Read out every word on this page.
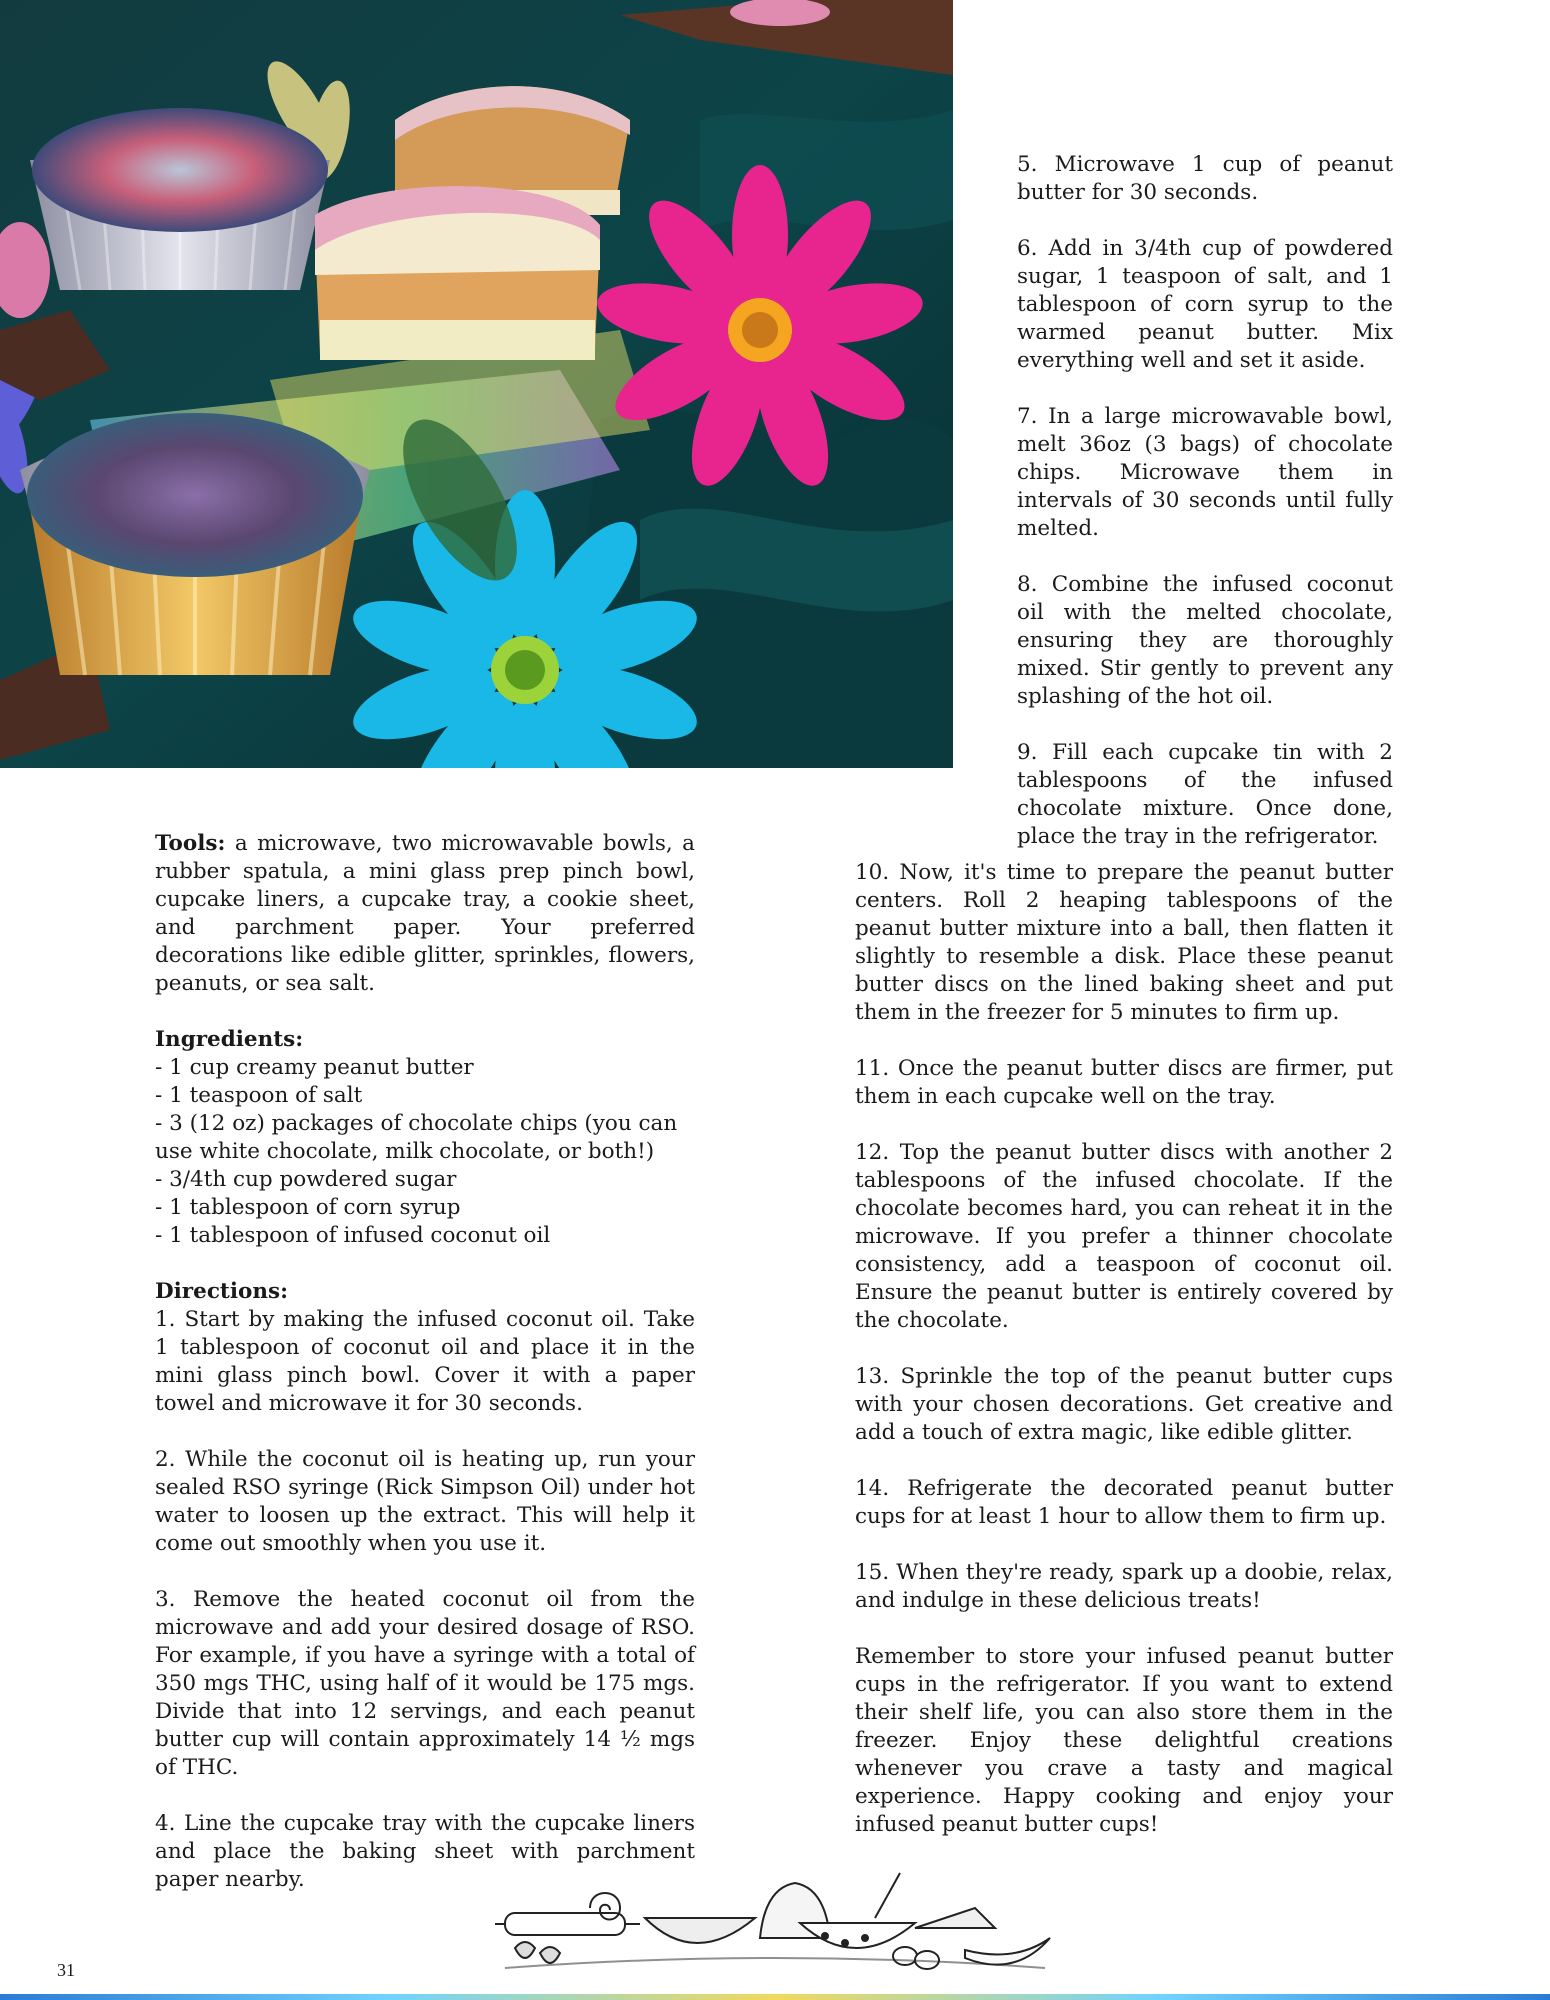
5. Microwave 1 cup of peanut butter for 30 seconds.

6. Add in 3/4th cup of powdered sugar, 1 teaspoon of salt, and 1 tablespoon of corn syrup to the warmed peanut butter. Mix everything well and set it aside.

7. In a large microwavable bowl, melt 36oz (3 bags) of chocolate chips. Microwave them in intervals of 30 seconds until fully melted.

8. Combine the infused coconut oil with the melted chocolate, ensuring they are thoroughly mixed. Stir gently to prevent any splashing of the hot oil.

9. Fill each cupcake tin with 2 tablespoons of the infused chocolate mixture. Once done, place the tray in the refrigerator.

Tools: a microwave, two microwavable bowls, a rubber spatula, a mini glass prep pinch bowl, cupcake liners, a cupcake tray, a cookie sheet, and parchment paper. Your preferred decorations like edible glitter, sprinkles, flowers, peanuts, or sea salt.

Ingredients:
- 1 cup creamy peanut butter
- 1 teaspoon of salt
- 3 (12 oz) packages of chocolate chips (you can use white chocolate, milk chocolate, or both!)
- 3/4th cup powdered sugar
- 1 tablespoon of corn syrup
- 1 tablespoon of infused coconut oil
Directions:

1. Start by making the infused coconut oil. Take 1 tablespoon of coconut oil and place it in the mini glass pinch bowl. Cover it with a paper towel and microwave it for 30 seconds.

2. While the coconut oil is heating up, run your sealed RSO syringe (Rick Simpson Oil) under hot water to loosen up the extract. This will help it come out smoothly when you use it.

3. Remove the heated coconut oil from the microwave and add your desired dosage of RSO. For example, if you have a syringe with a total of 350 mgs THC, using half of it would be 175 mgs. Divide that into 12 servings, and each peanut butter cup will contain approximately 14 ½ mgs of THC.

4. Line the cupcake tray with the cupcake liners and place the baking sheet with parchment paper nearby.

10. Now, it's time to prepare the peanut butter centers. Roll 2 heaping tablespoons of the peanut butter mixture into a ball, then flatten it slightly to resemble a disk. Place these peanut butter discs on the lined baking sheet and put them in the freezer for 5 minutes to firm up.

11. Once the peanut butter discs are firmer, put them in each cupcake well on the tray.

12. Top the peanut butter discs with another 2 tablespoons of the infused chocolate. If the chocolate becomes hard, you can reheat it in the microwave. If you prefer a thinner chocolate consistency, add a teaspoon of coconut oil. Ensure the peanut butter is entirely covered by the chocolate.

13. Sprinkle the top of the peanut butter cups with your chosen decorations. Get creative and add a touch of extra magic, like edible glitter.

14. Refrigerate the decorated peanut butter cups for at least 1 hour to allow them to firm up.

15. When they're ready, spark up a doobie, relax, and indulge in these delicious treats!

Remember to store your infused peanut butter cups in the refrigerator. If you want to extend their shelf life, you can also store them in the freezer. Enjoy these delightful creations whenever you crave a tasty and magical experience. Happy cooking and enjoy your infused peanut butter cups!

31
